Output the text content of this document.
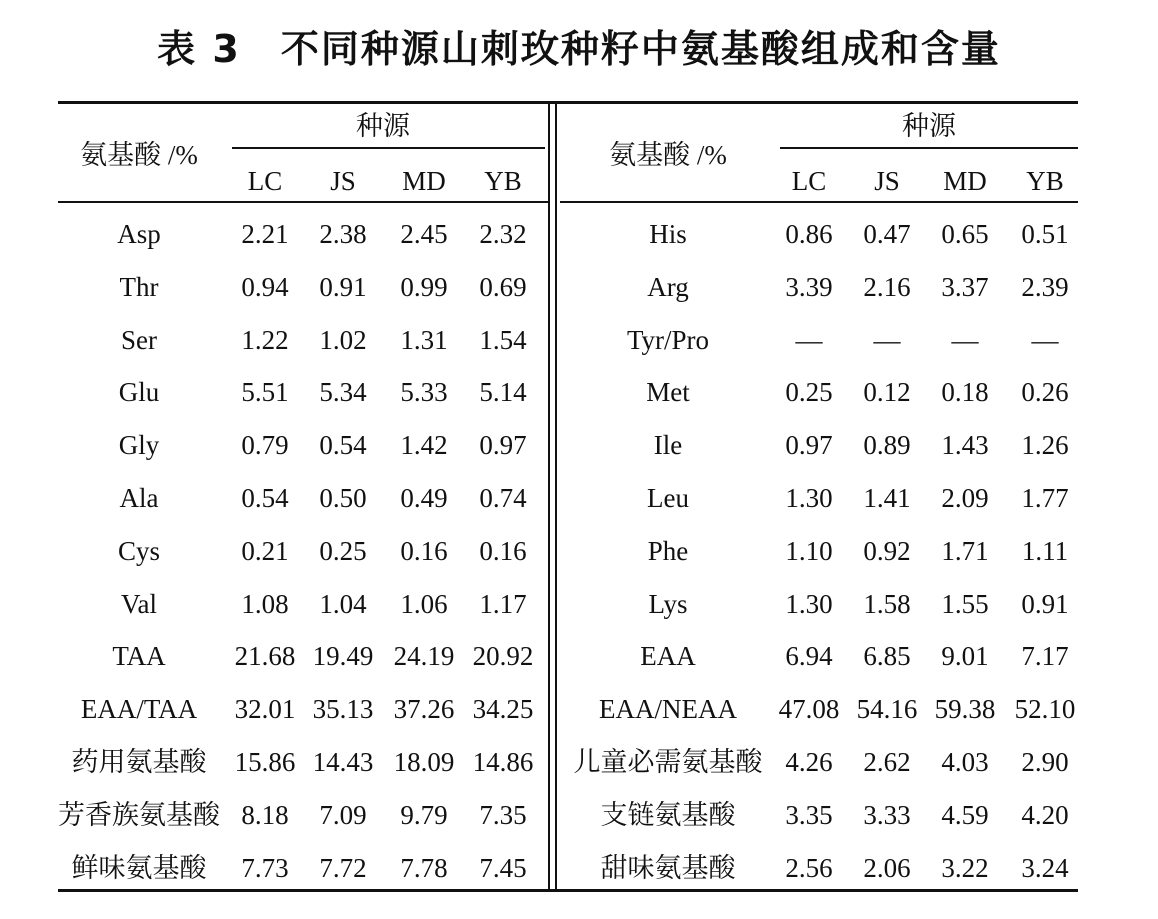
表 3　不同种源山刺玫种籽中氨基酸组成和含量
氨基酸 /%
种源
LC	JS	MD	YB
Asp	2.21	2.38	2.45	2.32
Thr	0.94	0.91	0.99	0.69
Ser	1.22	1.02	1.31	1.54
Glu	5.51	5.34	5.33	5.14
Gly	0.79	0.54	1.42	0.97
Ala	0.54	0.50	0.49	0.74
Cys	0.21	0.25	0.16	0.16
Val	1.08	1.04	1.06	1.17
TAA	21.68 19.49 24.19 20.92
EAA/TAA	32.01 35.13 37.26 34.25
药用氨基酸	15.86 14.43 18.09 14.86
芳香族氨基酸 8.18	7.09	9.79	7.35
鲜味氨基酸	7.73	7.72	7.78	7.45
氨基酸 /%
种源
LC	JS	MD	YB
His	0.86	0.47	0.65	0.51
Arg	3.39	2.16	3.37	2.39
Tyr/Pro	—	—	—	—
Met	0.25	0.12	0.18	0.26
Ile	0.97	0.89	1.43	1.26
Leu	1.30	1.41	2.09	1.77
Phe	1.10	0.92	1.71	1.11
Lys	1.30	1.58	1.55	0.91
EAA	6.94	6.85	9.01	7.17
EAA/NEAA	47.08 54.16 59.38 52.10
儿童必需氨基酸 4.26	2.62	4.03	2.90
支链氨基酸	3.35	3.33	4.59	4.20
甜味氨基酸	2.56	2.06	3.22	3.24
